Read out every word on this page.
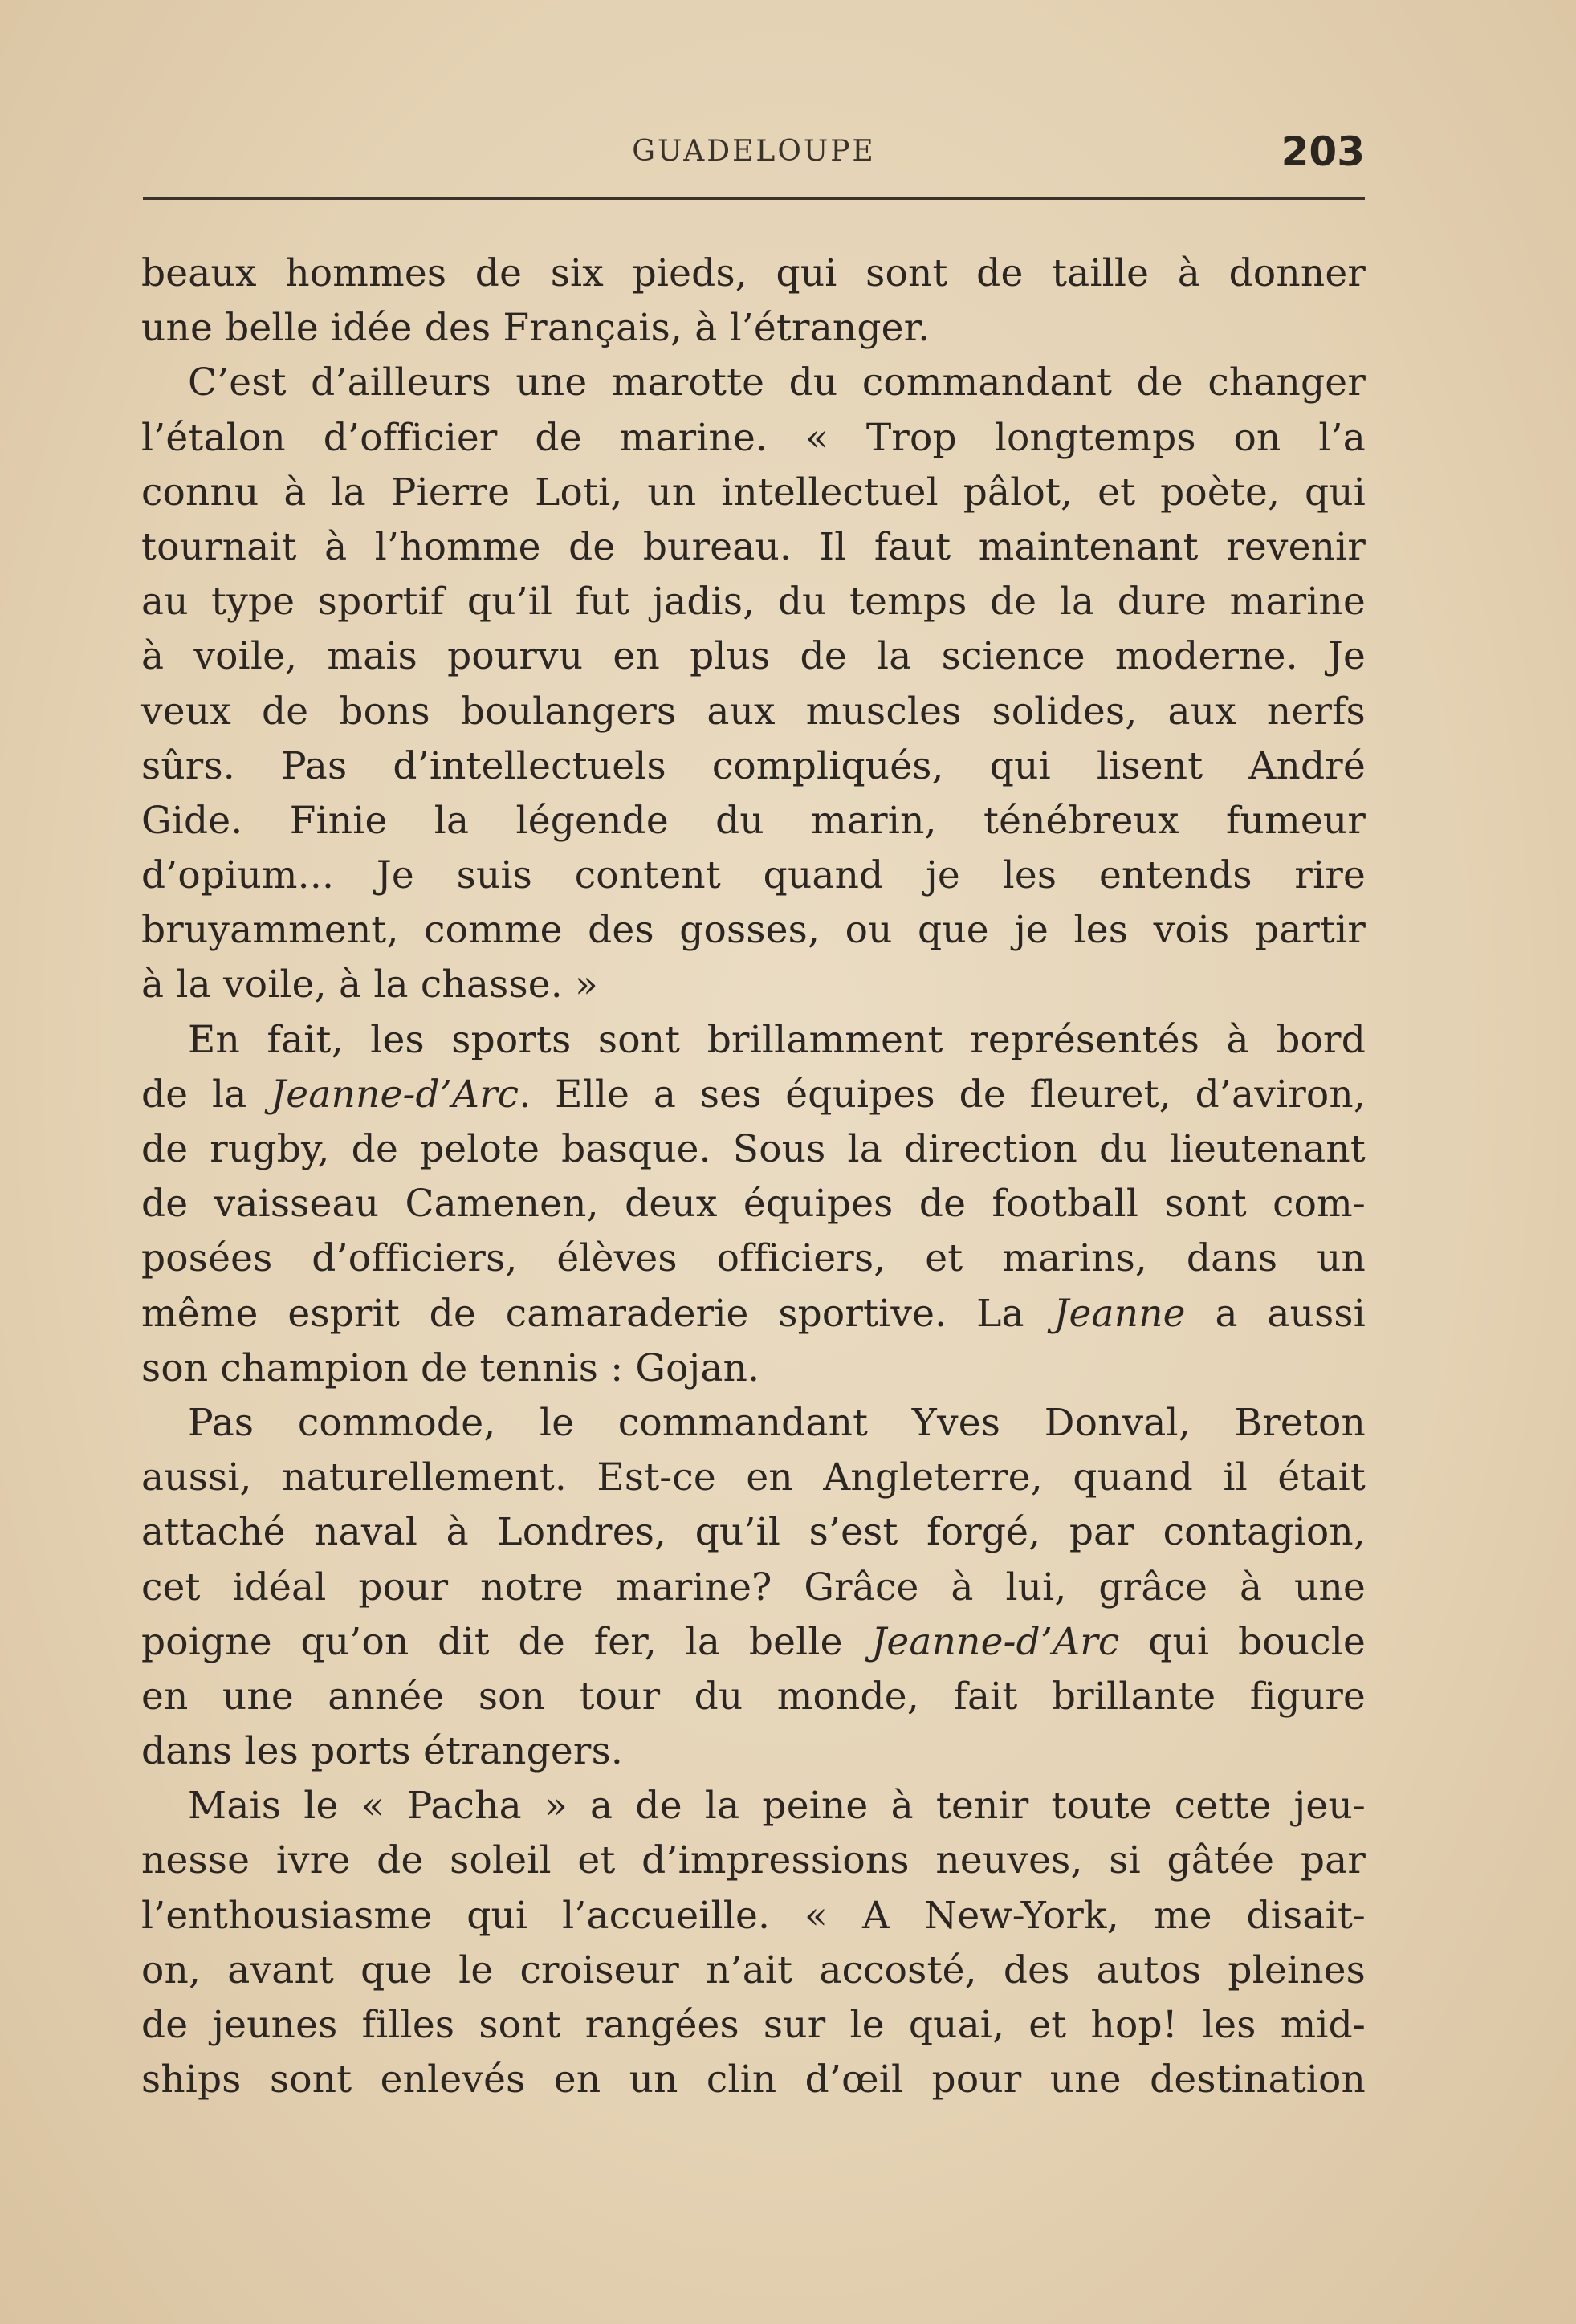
GUADELOUPE	203
beaux hommes de six pieds, qui sont de taille à donner
une belle idée des Français, à l’étranger.
C’est d’ailleurs une marotte du commandant de changer
l’étalon d’officier de marine. « Trop longtemps on l’a
connu à la Pierre Loti, un intellectuel pâlot, et poète, qui
tournait à l’homme de bureau. Il faut maintenant revenir
au type sportif qu’il fut jadis, du temps de la dure marine
à voile, mais pourvu en plus de la science moderne. Je
veux de bons boulangers aux muscles solides, aux nerfs
sûrs. Pas d’intellectuels compliqués, qui lisent André
Gide. Finie la légende du marin, ténébreux fumeur
d’opium... Je suis content quand je les entends rire
bruyamment, comme des gosses, ou que je les vois partir
à la voile, à la chasse. »
En fait, les sports sont brillamment représentés à bord
de la Jeanne-d’Arc. Elle a ses équipes de fleuret, d’aviron,
de rugby, de pelote basque. Sous la direction du lieutenant
de vaisseau Camenen, deux équipes de football sont com-
posées d’officiers, élèves officiers, et marins, dans un
même esprit de camaraderie sportive. La Jeanne a aussi
son champion de tennis : Gojan.
Pas commode, le commandant Yves Donval, Breton
aussi, naturellement. Est-ce en Angleterre, quand il était
attaché naval à Londres, qu’il s’est forgé, par contagion,
cet idéal pour notre marine? Grâce à lui, grâce à une
poigne qu’on dit de fer, la belle Jeanne-d’Arc qui boucle
en une année son tour du monde, fait brillante figure
dans les ports étrangers.
Mais le « Pacha » a de la peine à tenir toute cette jeu-
nesse ivre de soleil et d’impressions neuves, si gâtée par
l’enthousiasme qui l’accueille. « A New-York, me disait-
on, avant que le croiseur n’ait accosté, des autos pleines
de jeunes filles sont rangées sur le quai, et hop! les mid-
ships sont enlevés en un clin d’œil pour une destination
